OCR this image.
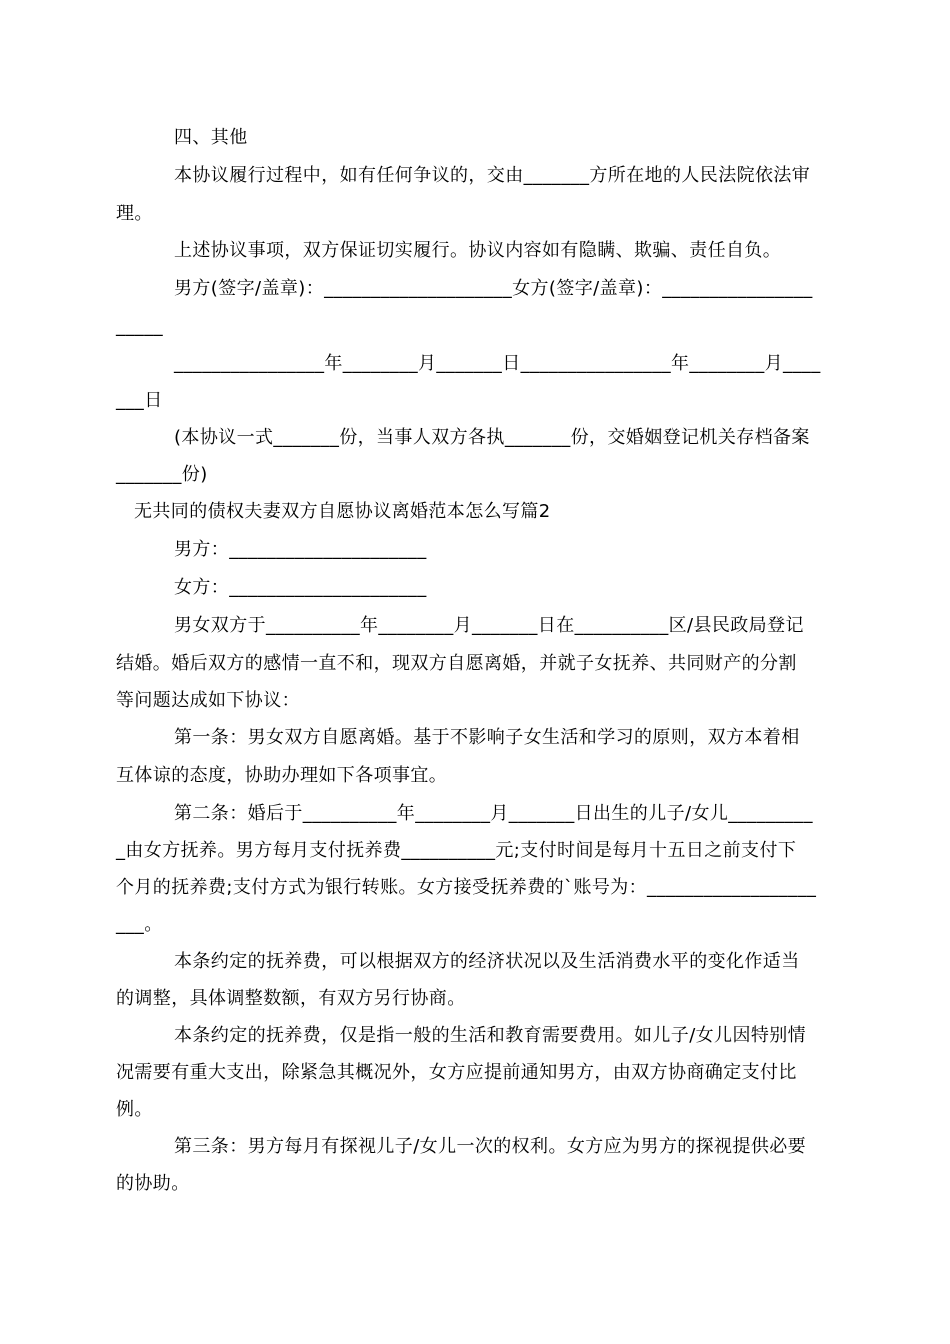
四、其他
本协议履行过程中，如有任何争议的，交由_______方所在地的人民法院依法审
理。
上述协议事项，双方保证切实履行。协议内容如有隐瞒、欺骗、责任自负。
男方(签字/盖章)：____________________女方(签字/盖章)：________________
_____
________________年________月_______日________________年________月____
___日
(本协议一式_______份，当事人双方各执_______份，交婚姻登记机关存档备案
_______份)
无共同的债权夫妻双方自愿协议离婚范本怎么写篇2
男方：_____________________
女方：_____________________
男女双方于__________年________月_______日在__________区/县民政局登记
结婚。婚后双方的感情一直不和，现双方自愿离婚，并就子女抚养、共同财产的分割
等问题达成如下协议：
第一条：男女双方自愿离婚。基于不影响子女生活和学习的原则，双方本着相
互体谅的态度，协助办理如下各项事宜。
第二条：婚后于__________年________月_______日出生的儿子/女儿_________
_由女方抚养。男方每月支付抚养费__________元;支付时间是每月十五日之前支付下
个月的抚养费;支付方式为银行转账。女方接受抚养费的`账号为：__________________
___。
本条约定的抚养费，可以根据双方的经济状况以及生活消费水平的变化作适当
的调整，具体调整数额，有双方另行协商。
本条约定的抚养费，仅是指一般的生活和教育需要费用。如儿子/女儿因特别情
况需要有重大支出，除紧急其概况外，女方应提前通知男方，由双方协商确定支付比
例。
第三条：男方每月有探视儿子/女儿一次的权利。女方应为男方的探视提供必要
的协助。
